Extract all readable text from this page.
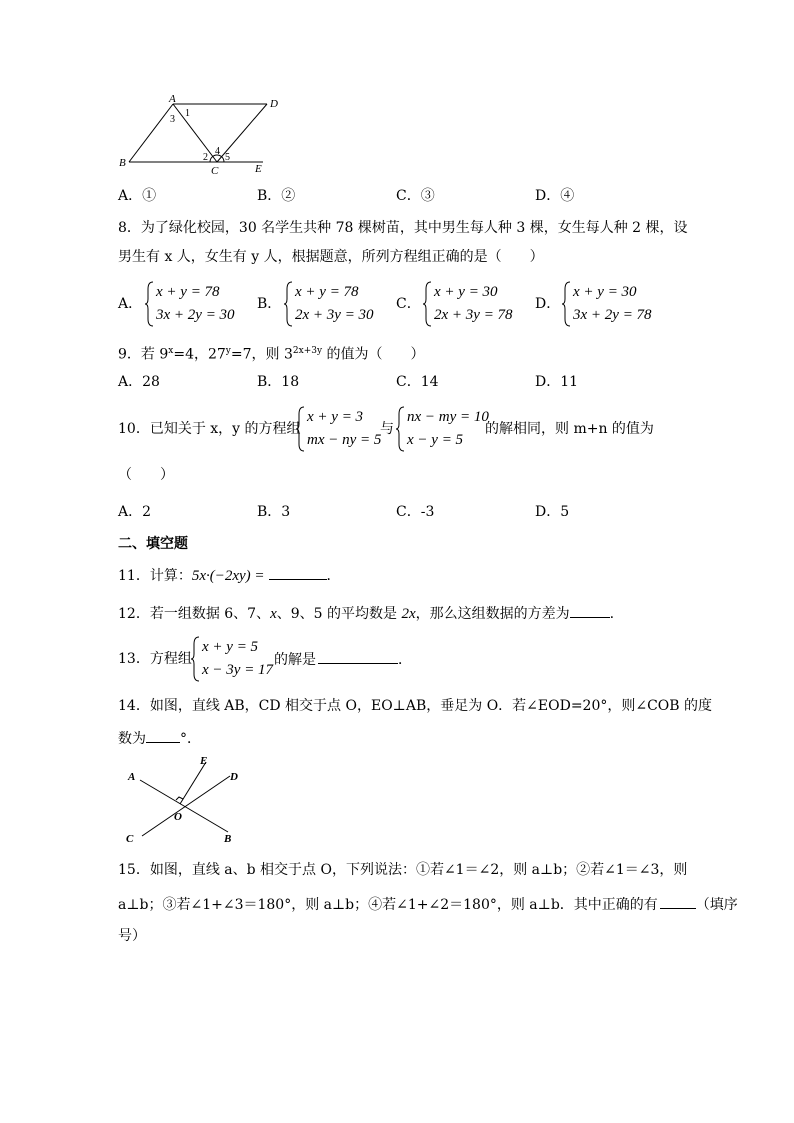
A	D
B
C	E
1
2
3
4
5
A．①	B．②	C．③	D．④
8．为了绿化校园，30 名学生共种 78 棵树苗，其中男生每人种 3 棵，女生每人种 2 棵，设
男生有 x 人，女生有 y 人，根据题意，所列方程组正确的是（　　）
A．
x + y = 78
3x + 2y = 30
B．
x + y = 78
2x + 3y = 30
C．
x + y = 30
2x + 3y = 78
D．
x + y = 30
3x + 2y = 78
9．若 $9^x=4$，$27^y=7$，则 $3^{2x+3y}$ 的值为（　　）
A．28	B．18	C．14	D．11
10．已知关于 x，y 的方程组
x + y = 3
mx − ny = 5
与
nx − my = 10
x − y = 5
的解相同，则 m+n 的值为
（　　）
A．2	B．3	C．-3	D．5
二、填空题
11．计算：5x·(−2xy) =	．
12．若一组数据 6、7、x、9、5 的平均数是 2x，那么这组数据的方差为	.
13．方程组
x + y = 5
x − 3y = 17
的解是	．
14．如图，直线 AB，CD 相交于点 O，EO⊥AB，垂足为 O．若∠EOD=20°，则∠COB 的度
数为 °．
A
E
D
O
C	B
15．如图，直线 a、b 相交于点 O，下列说法：①若∠1＝∠2，则 a⊥b；②若∠1＝∠3，则
a⊥b；③若∠1+∠3＝180°，则 a⊥b；④若∠1+∠2＝180°，则 a⊥b．其中正确的有	（填序
号）
